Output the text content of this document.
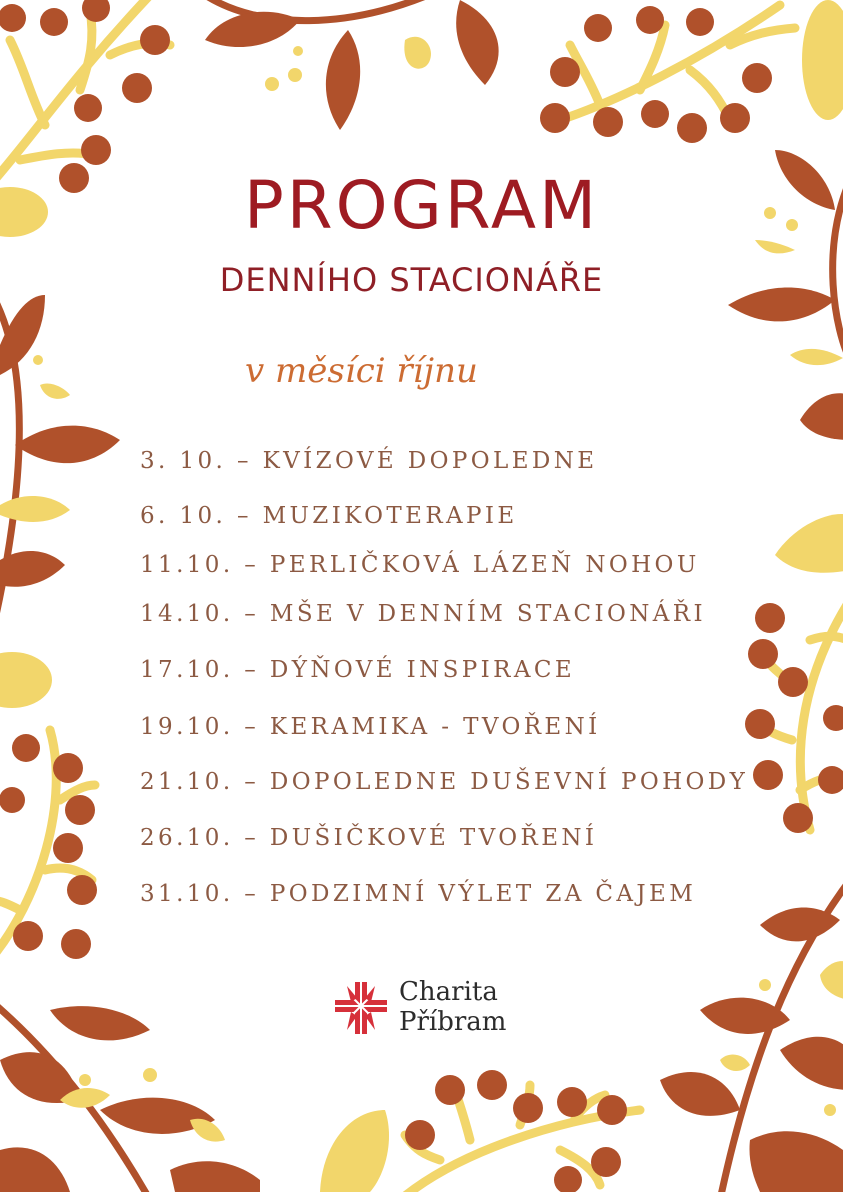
PROGRAM
DENNÍHO STACIONÁŘE

v měsíci říjnu

3. 10. – KVÍZOVÉ DOPOLEDNE
6. 10. – MUZIKOTERAPIE
11.10. – PERLIČKOVÁ LÁZEŇ NOHOU
14.10. – MŠE V DENNÍM STACIONÁŘI
17.10. – DÝŇOVÉ INSPIRACE
19.10. – KERAMIKA - TVOŘENÍ
21.10. – DOPOLEDNE DUŠEVNÍ POHODY
26.10. – DUŠIČKOVÉ TVOŘENÍ
31.10. – PODZIMNÍ VÝLET ZA ČAJEM
Charita
Příbram
